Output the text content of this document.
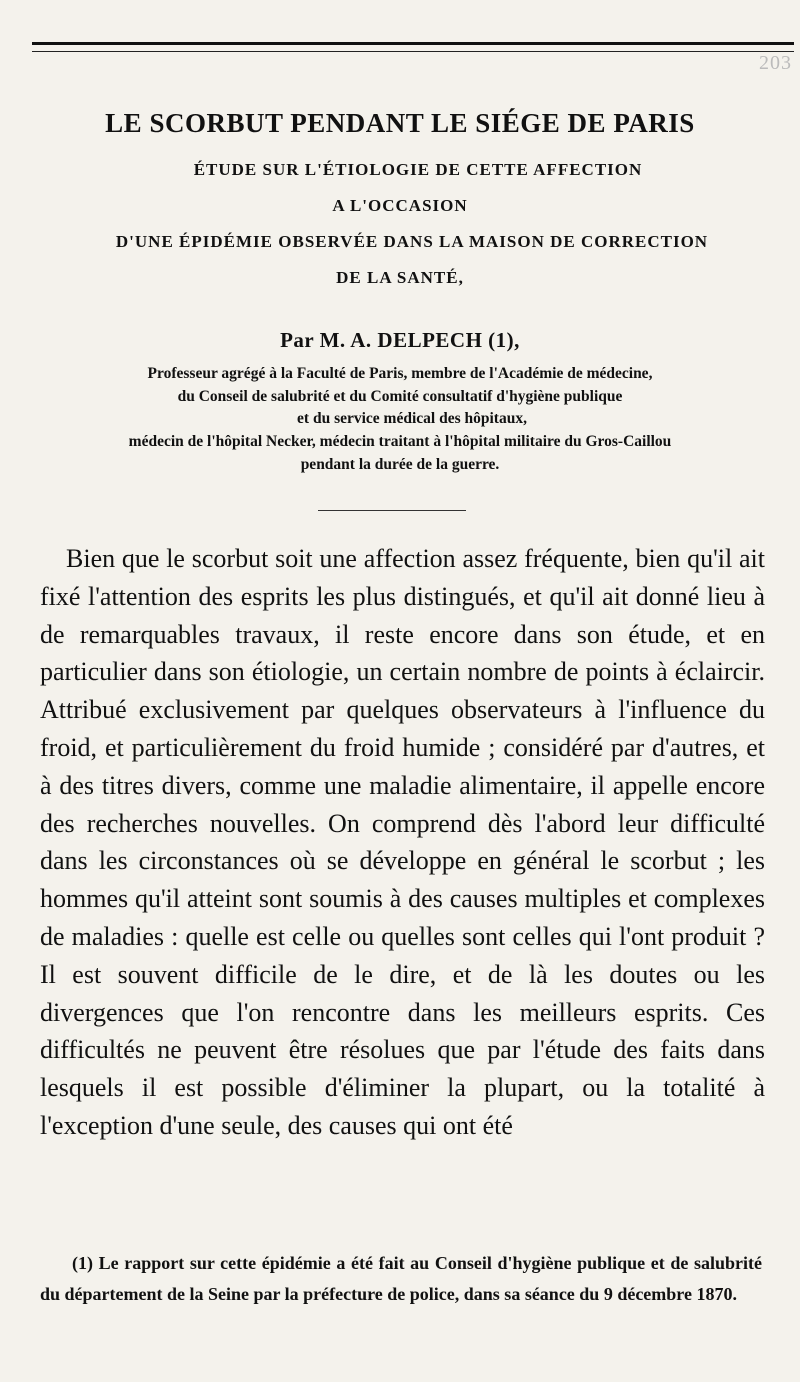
203
LE SCORBUT PENDANT LE SIÉGE DE PARIS
ÉTUDE SUR L'ÉTIOLOGIE DE CETTE AFFECTION
A L'OCCASION
D'UNE ÉPIDÉMIE OBSERVÉE DANS LA MAISON DE CORRECTION
DE LA SANTÉ,
Par M. A. DELPECH (1),
Professeur agrégé à la Faculté de Paris, membre de l'Académie de médecine,
du Conseil de salubrité et du Comité consultatif d'hygiène publique
et du service médical des hôpitaux,
médecin de l'hôpital Necker, médecin traitant à l'hôpital militaire du Gros-Caillou
pendant la durée de la guerre.
Bien que le scorbut soit une affection assez fréquente, bien qu'il ait fixé l'attention des esprits les plus distingués, et qu'il ait donné lieu à de remarquables travaux, il reste encore dans son étude, et en particulier dans son étiologie, un certain nombre de points à éclaircir. Attribué exclusivement par quelques observateurs à l'influence du froid, et particulièrement du froid humide ; considéré par d'autres, et à des titres divers, comme une maladie alimentaire, il appelle encore des recherches nouvelles. On comprend dès l'abord leur difficulté dans les circonstances où se développe en général le scorbut ; les hommes qu'il atteint sont soumis à des causes multiples et complexes de maladies : quelle est celle ou quelles sont celles qui l'ont produit ? Il est souvent difficile de le dire, et de là les doutes ou les divergences que l'on rencontre dans les meilleurs esprits. Ces difficultés ne peuvent être résolues que par l'étude des faits dans lesquels il est possible d'éliminer la plupart, ou la totalité à l'exception d'une seule, des causes qui ont été
(1) Le rapport sur cette épidémie a été fait au Conseil d'hygiène publique et de salubrité du département de la Seine par la préfecture de police, dans sa séance du 9 décembre 1870.
